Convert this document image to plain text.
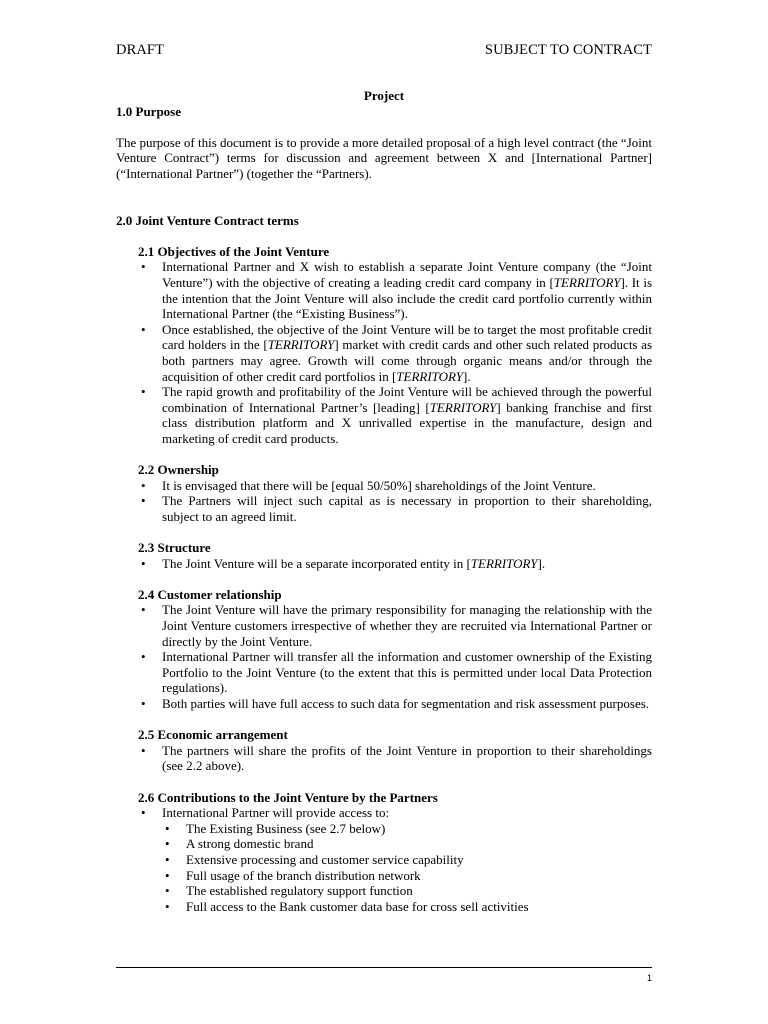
DRAFT	SUBJECT TO CONTRACT
Project
1.0 Purpose

The purpose of this document is to provide a more detailed proposal of a high level contract (the “Joint Venture Contract”) terms for discussion and agreement between X and [International Partner] (“International Partner”) (together the “Partners).

2.0 Joint Venture Contract terms
2.1 Objectives of the Joint Venture
• International Partner and X wish to establish a separate Joint Venture company (the “Joint Venture”) with the objective of creating a leading credit card company in [TERRITORY]. It is the intention that the Joint Venture will also include the credit card portfolio currently within International Partner (the “Existing Business”).
• Once established, the objective of the Joint Venture will be to target the most profitable credit card holders in the [TERRITORY] market with credit cards and other such related products as both partners may agree. Growth will come through organic means and/or through the acquisition of other credit card portfolios in [TERRITORY].
• The rapid growth and profitability of the Joint Venture will be achieved through the powerful combination of International Partner’s [leading] [TERRITORY] banking franchise and first class distribution platform and X unrivalled expertise in the manufacture, design and marketing of credit card products.
2.2 Ownership
• It is envisaged that there will be [equal 50/50%] shareholdings of the Joint Venture.
• The Partners will inject such capital as is necessary in proportion to their shareholding, subject to an agreed limit.
2.3 Structure
• The Joint Venture will be a separate incorporated entity in [TERRITORY].
2.4 Customer relationship
• The Joint Venture will have the primary responsibility for managing the relationship with the Joint Venture customers irrespective of whether they are recruited via International Partner or directly by the Joint Venture.
• International Partner will transfer all the information and customer ownership of the Existing Portfolio to the Joint Venture (to the extent that this is permitted under local Data Protection regulations).
• Both parties will have full access to such data for segmentation and risk assessment purposes.
2.5 Economic arrangement
• The partners will share the profits of the Joint Venture in proportion to their shareholdings (see 2.2 above).
2.6 Contributions to the Joint Venture by the Partners
• International Partner will provide access to:
• The Existing Business (see 2.7 below)
• A strong domestic brand
• Extensive processing and customer service capability
• Full usage of the branch distribution network
• The established regulatory support function
• Full access to the Bank customer data base for cross sell activities
1
